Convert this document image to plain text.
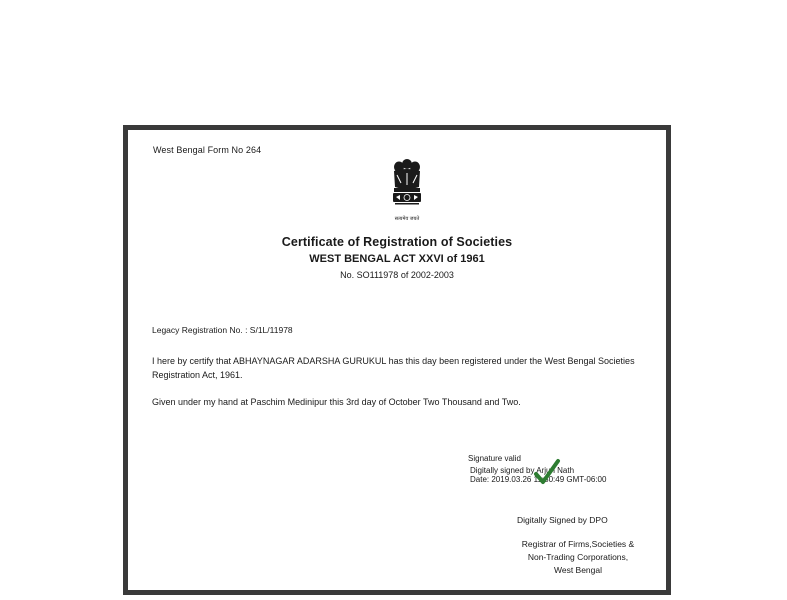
West Bengal Form No 264
सत्यमेव जयते
Certificate of Registration of Societies
WEST BENGAL ACT XXVI of 1961
No. SO111978 of 2002-2003
Legacy Registration No. : S/1L/11978
I here by certify that ABHAYNAGAR ADARSHA GURUKUL has this day been registered under the West Bengal Societies Registration Act, 1961.
Given under my hand at Paschim Medinipur this 3rd day of October Two Thousand and Two.
Signature valid
Digitally signed by Arjun Nath
Date: 2019.03.26 11:50:49 GMT-06:00
Digitally Signed by DPO
Registrar of Firms,Societies &
Non-Trading Corporations,
West Bengal
